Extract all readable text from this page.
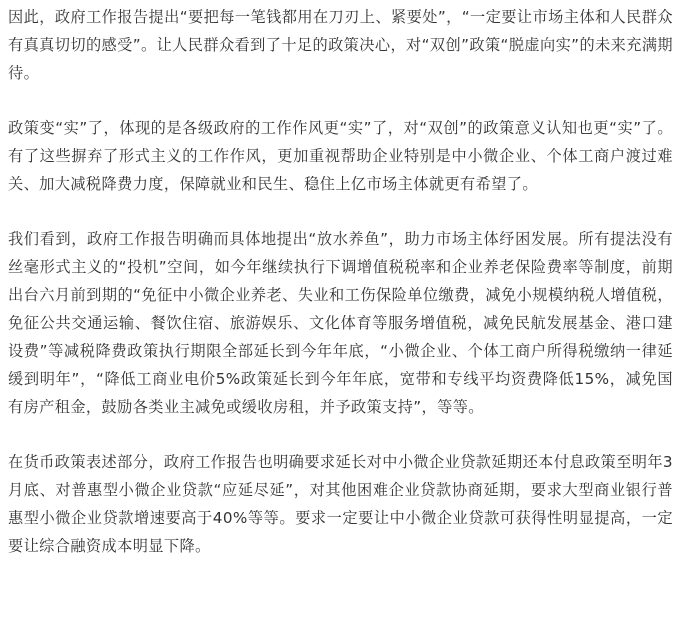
因此，政府工作报告提出“要把每一笔钱都用在刀刃上、紧要处”，“一定要让市场主体和人民群众有真真切切的感受”。让人民群众看到了十足的政策决心，对“双创”政策“脱虚向实”的未来充满期待。

政策变“实”了，体现的是各级政府的工作作风更“实”了，对“双创”的政策意义认知也更“实”了。有了这些摒弃了形式主义的工作作风，更加重视帮助企业特别是中小微企业、个体工商户渡过难关、加大减税降费力度，保障就业和民生、稳住上亿市场主体就更有希望了。

我们看到，政府工作报告明确而具体地提出“放水养鱼”，助力市场主体纾困发展。所有提法没有丝毫形式主义的“投机”空间，如今年继续执行下调增值税税率和企业养老保险费率等制度，前期出台六月前到期的“免征中小微企业养老、失业和工伤保险单位缴费，减免小规模纳税人增值税，免征公共交通运输、餐饮住宿、旅游娱乐、文化体育等服务增值税，减免民航发展基金、港口建设费”等减税降费政策执行期限全部延长到今年年底，“小微企业、个体工商户所得税缴纳一律延缓到明年”，“降低工商业电价5%政策延长到今年年底，宽带和专线平均资费降低15%，减免国有房产租金，鼓励各类业主减免或缓收房租，并予政策支持”，等等。

在货币政策表述部分，政府工作报告也明确要求延长对中小微企业贷款延期还本付息政策至明年3月底、对普惠型小微企业贷款“应延尽延”，对其他困难企业贷款协商延期，要求大型商业银行普惠型小微企业贷款增速要高于40%等等。要求一定要让中小微企业贷款可获得性明显提高，一定要让综合融资成本明显下降。
